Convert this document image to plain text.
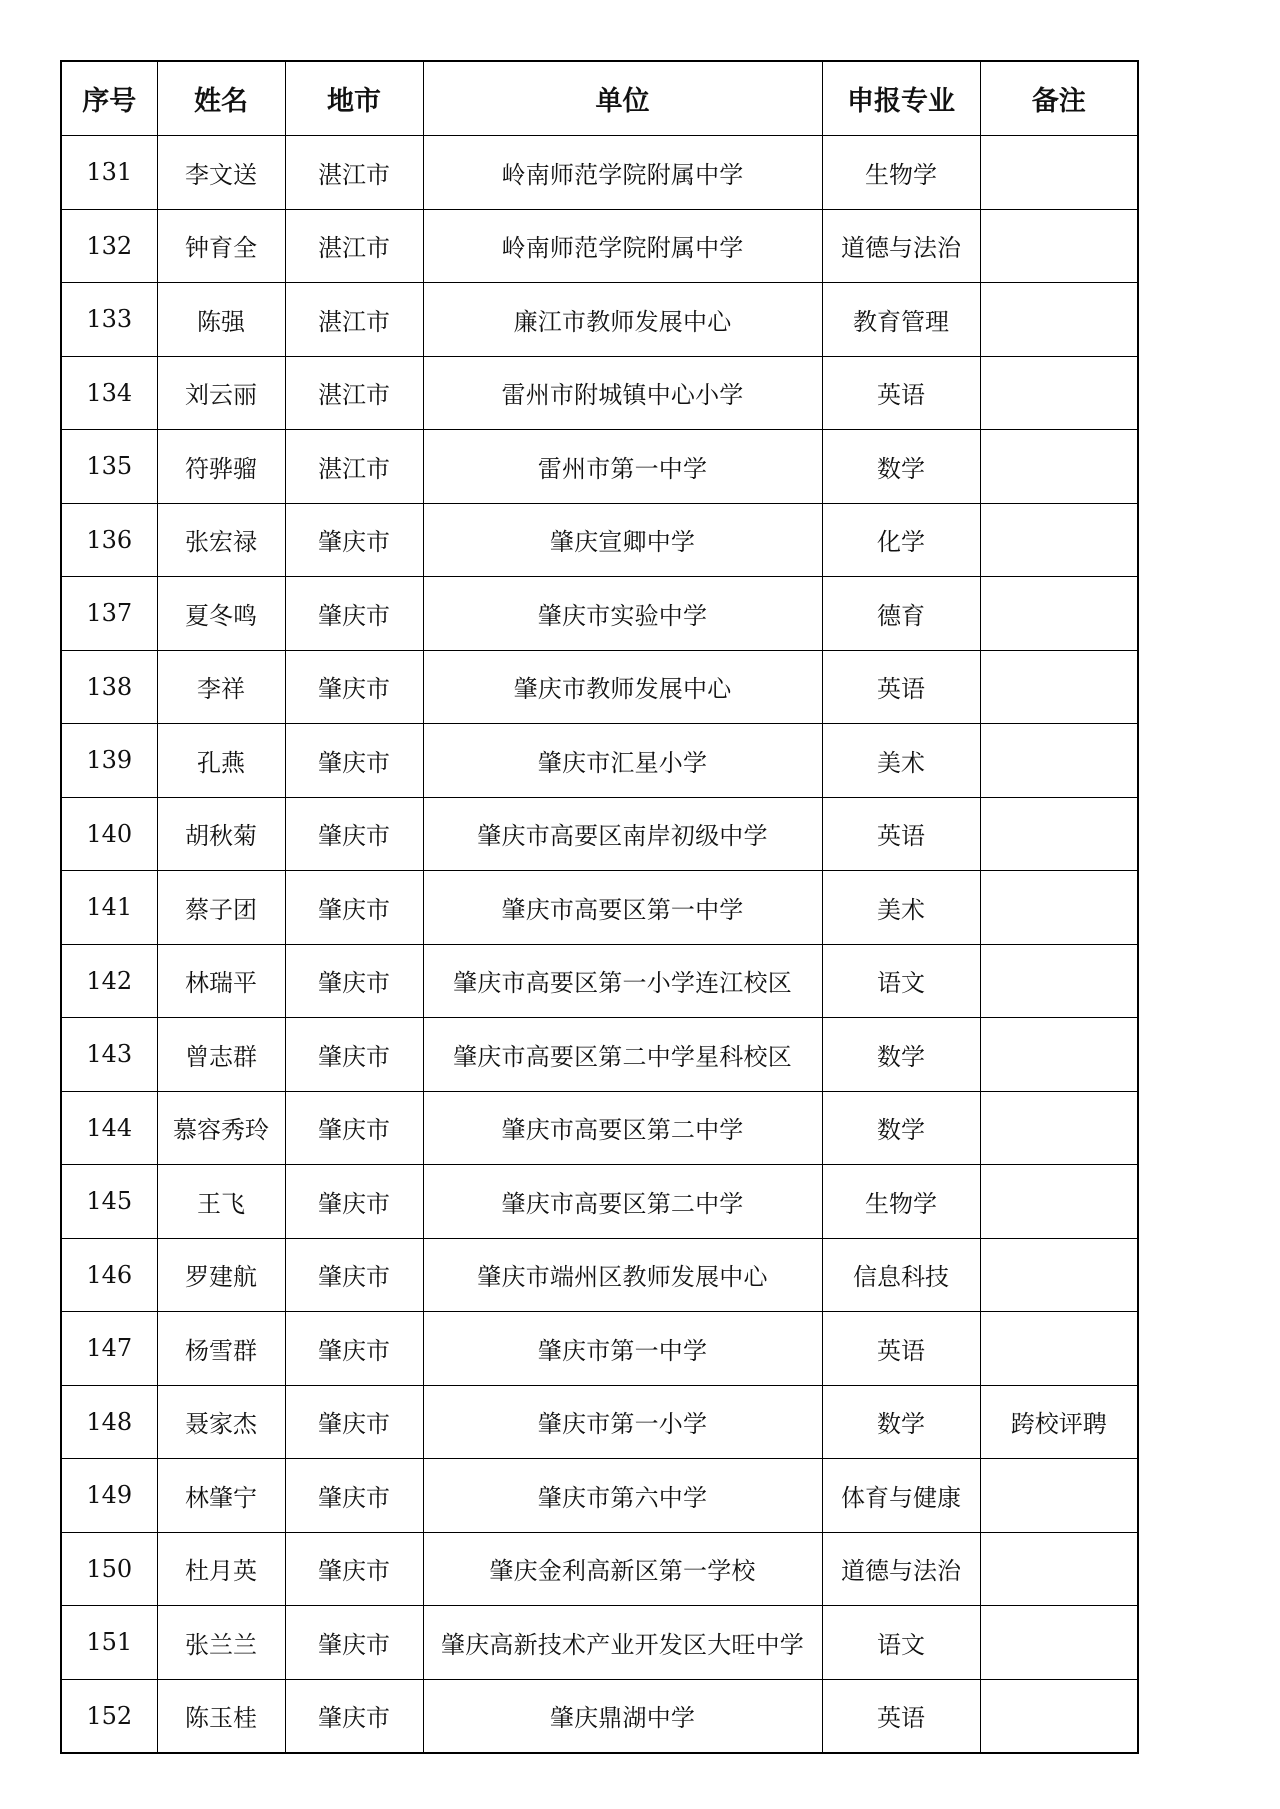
序号	姓名	地市	单位	申报专业	备注
131	李文送	湛江市	岭南师范学院附属中学	生物学	
132	钟育全	湛江市	岭南师范学院附属中学	道德与法治	
133	陈强	湛江市	廉江市教师发展中心	教育管理	
134	刘云丽	湛江市	雷州市附城镇中心小学	英语	
135	符骅骝	湛江市	雷州市第一中学	数学	
136	张宏禄	肇庆市	肇庆宣卿中学	化学	
137	夏冬鸣	肇庆市	肇庆市实验中学	德育	
138	李祥	肇庆市	肇庆市教师发展中心	英语	
139	孔燕	肇庆市	肇庆市汇星小学	美术	
140	胡秋菊	肇庆市	肇庆市高要区南岸初级中学	英语	
141	蔡子团	肇庆市	肇庆市高要区第一中学	美术	
142	林瑞平	肇庆市	肇庆市高要区第一小学连江校区	语文	
143	曾志群	肇庆市	肇庆市高要区第二中学星科校区	数学	
144	慕容秀玲	肇庆市	肇庆市高要区第二中学	数学	
145	王飞	肇庆市	肇庆市高要区第二中学	生物学	
146	罗建航	肇庆市	肇庆市端州区教师发展中心	信息科技	
147	杨雪群	肇庆市	肇庆市第一中学	英语	
148	聂家杰	肇庆市	肇庆市第一小学	数学	跨校评聘
149	林肇宁	肇庆市	肇庆市第六中学	体育与健康	
150	杜月英	肇庆市	肇庆金利高新区第一学校	道德与法治	
151	张兰兰	肇庆市	肇庆高新技术产业开发区大旺中学	语文	
152	陈玉桂	肇庆市	肇庆鼎湖中学	英语	
